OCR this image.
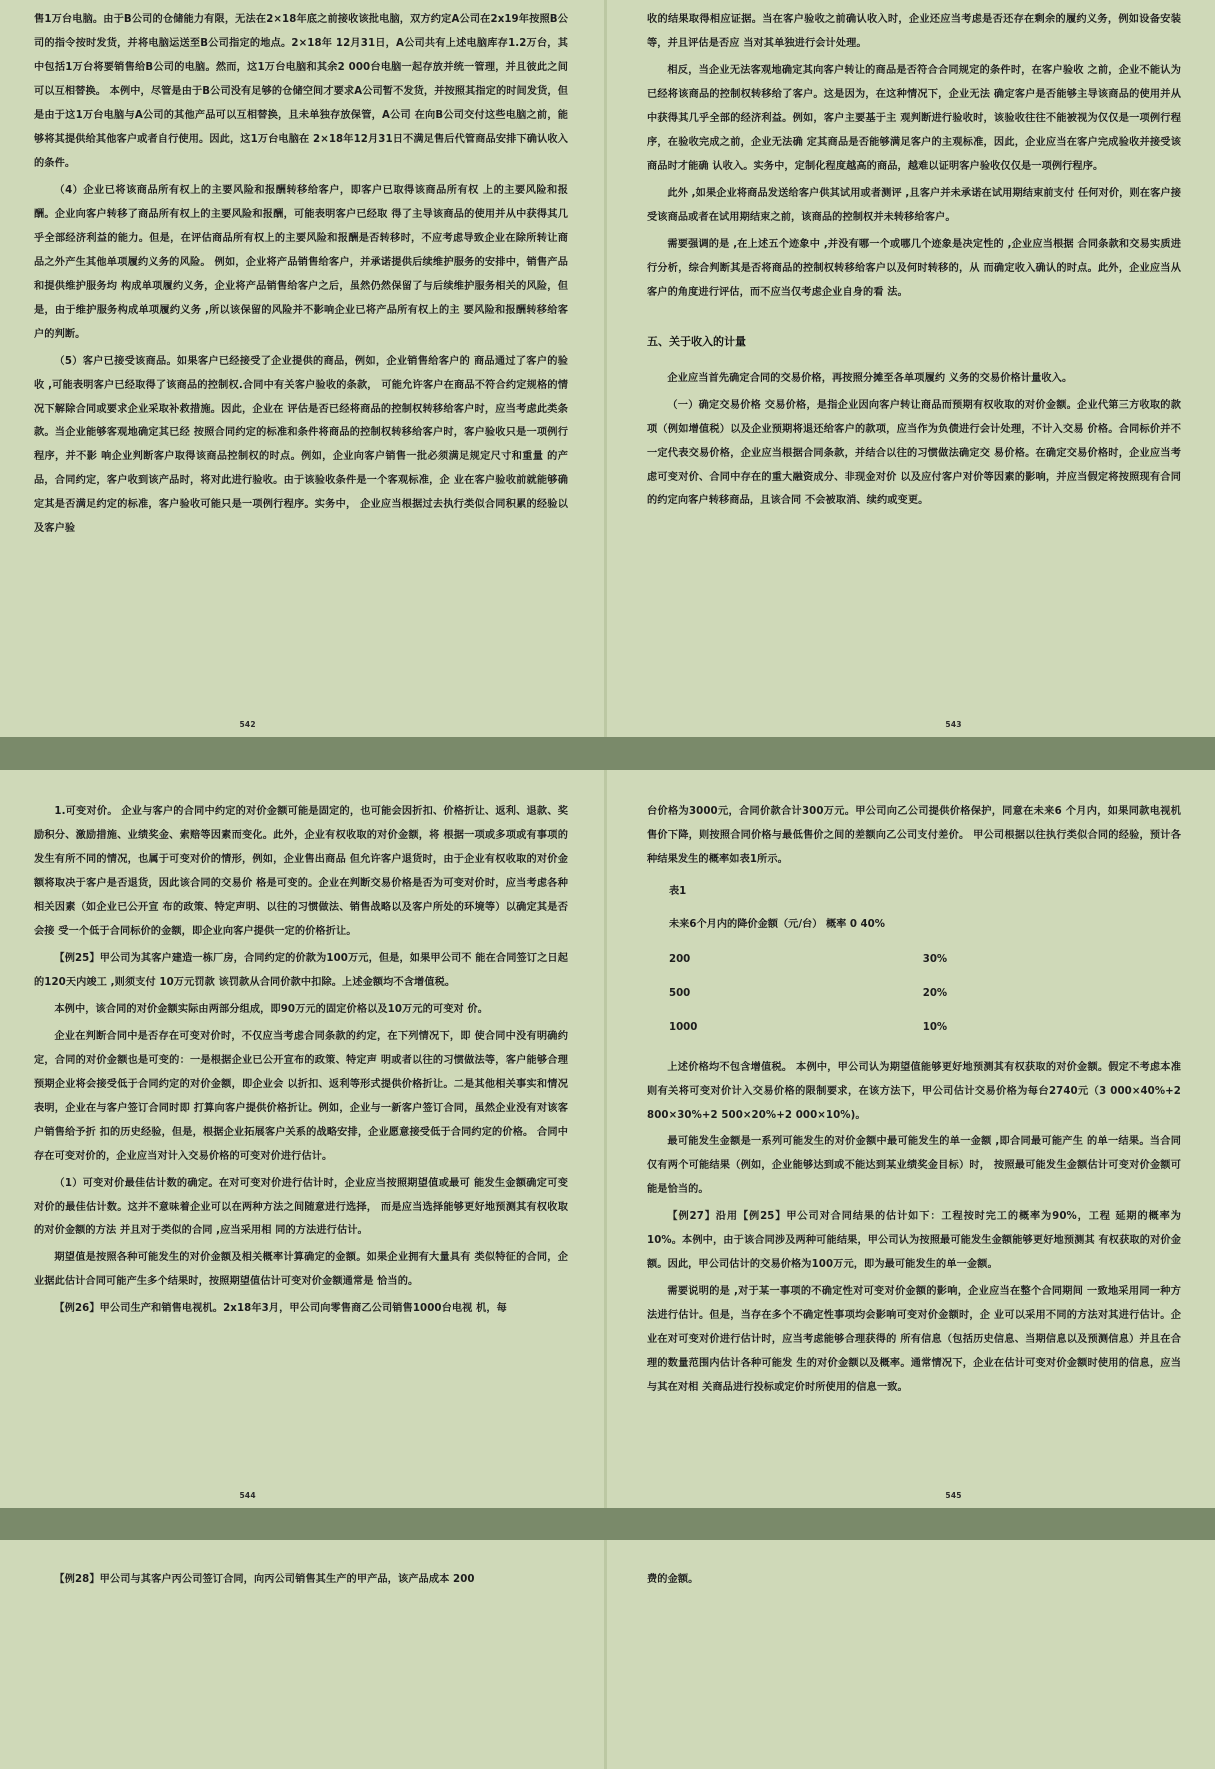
售1万台电脑。由于B公司的仓储能力有限，无法在2×18年底之前接收该批电脑，双方约定A公司在2x19年按照B公司的指令按时发货，并将电脑运送至B公司指定的地点。2×18年 12月31日，A公司共有上述电脑库存1.2万台，其中包括1万台将要销售给B公司的电脑。然而，这1万台电脑和其余2 000台电脑一起存放并统一管理，并且彼此之间可以互相替换。 本例中，尽管是由于B公司没有足够的仓储空间才要求A公司暂不发货，并按照其指定的时间发货，但是由于这1万台电脑与A公司的其他产品可以互相替换，且未单独存放保管，A公司 在向B公司交付这些电脑之前，能够将其提供给其他客户或者自行使用。因此，这1万台电脑在 2×18年12月31日不满足售后代管商品安排下确认收入的条件。

（4）企业已将该商品所有权上的主要风险和报酬转移给客户，即客户已取得该商品所有权 上的主要风险和报酬。企业向客户转移了商品所有权上的主要风险和报酬，可能表明客户已经取 得了主导该商品的使用并从中获得其几乎全部经济利益的能力。但是，在评估商品所有权上的主要风险和报酬是否转移时，不应考虑导致企业在除所转让商品之外产生其他单项履约义务的风险。 例如，企业将产品销售给客户，并承诺提供后续维护服务的安排中，销售产品和提供维护服务均 构成单项履约义务，企业将产品销售给客户之后，虽然仍然保留了与后续维护服务相关的风险，但是，由于维护服务构成单项履约义务 ,所以该保留的风险并不影响企业已将产品所有权上的主 要风险和报酬转移给客户的判断。

（5）客户已接受该商品。如果客户已经接受了企业提供的商品，例如，企业销售给客户的 商品通过了客户的验收 ,可能表明客户已经取得了该商品的控制权.合同中有关客户验收的条款， 可能允许客户在商品不符合约定规格的情况下解除合同或要求企业采取补救措施。因此，企业在 评估是否已经将商品的控制权转移给客户时，应当考虑此类条款。当企业能够客观地确定其已经 按照合同约定的标准和条件将商品的控制权转移给客户时，客户验收只是一项例行程序，并不影 响企业判断客户取得该商品控制权的时点。例如，企业向客户销售一批必须满足规定尺寸和重量 的产品，合同约定，客户收到该产品时，将对此进行验收。由于该验收条件是一个客观标准，企 业在客户验收前就能够确定其是否满足约定的标准，客户验收可能只是一项例行程序。实务中， 企业应当根据过去执行类似合同积累的经验以及客户验

542

收的结果取得相应证据。当在客户验收之前确认收入时，企业还应当考虑是否还存在剩余的履约义务，例如设备安装等，并且评估是否应 当对其单独进行会计处理。

相反，当企业无法客观地确定其向客户转让的商品是否符合合同规定的条件时，在客户验收 之前，企业不能认为已经将该商品的控制权转移给了客户。这是因为，在这种情况下，企业无法 确定客户是否能够主导该商品的使用并从中获得其几乎全部的经济利益。例如，客户主要基于主 观判断进行验收时，该验收往往不能被视为仅仅是一项例行程序，在验收完成之前，企业无法确 定其商品是否能够满足客户的主观标准，因此，企业应当在客户完成验收并接受该商品时才能确 认收入。实务中，定制化程度越高的商品，越难以证明客户验收仅仅是一项例行程序。

此外 ,如果企业将商品发送给客户供其试用或者测评 ,且客户并未承诺在试用期结束前支付 任何对价，则在客户接受该商品或者在试用期结束之前，该商品的控制权并未转移给客户。

需要强调的是 ,在上述五个迹象中 ,并没有哪一个或哪几个迹象是决定性的 ,企业应当根据 合同条款和交易实质进行分析，综合判断其是否将商品的控制权转移给客户以及何时转移的，从 而确定收入确认的时点。此外，企业应当从客户的角度进行评估，而不应当仅考虑企业自身的看 法。

五、关于收入的计量

企业应当首先确定合同的交易价格，再按照分摊至各单项履约 义务的交易价格计量收入。

（一）确定交易价格 交易价格，是指企业因向客户转让商品而预期有权收取的对价金额。企业代第三方收取的款项（例如增值税）以及企业预期将退还给客户的款项，应当作为负债进行会计处理，不计入交易 价格。合同标价并不一定代表交易价格，企业应当根据合同条款，并结合以往的习惯做法确定交 易价格。在确定交易价格时，企业应当考虑可变对价、合同中存在的重大融资成分、非现金对价 以及应付客户对价等因素的影响，并应当假定将按照现有合同的约定向客户转移商品，且该合同 不会被取消、续约或变更。

543

1.可变对价。 企业与客户的合同中约定的对价金额可能是固定的，也可能会因折扣、价格折让、返利、退款、奖励积分、激励措施、业绩奖金、索赔等因素而变化。此外，企业有权收取的对价金额，将 根据一项或多项或有事项的发生有所不同的情况，也属于可变对价的情形，例如，企业售出商品 但允许客户退货时，由于企业有权收取的对价金额将取决于客户是否退货，因此该合同的交易价 格是可变的。企业在判断交易价格是否为可变对价时，应当考虑各种相关因素（如企业已公开宣 布的政策、特定声明、以往的习惯做法、销售战略以及客户所处的环境等）以确定其是否会接 受一个低于合同标价的金额，即企业向客户提供一定的价格折让。

【例25】甲公司为其客户建造一栋厂房，合同约定的价款为100万元，但是，如果甲公司不 能在合同签订之日起的120天内竣工 ,则须支付 10万元罚款 该罚款从合同价款中扣除。上述金额均不含增值税。

本例中，该合同的对价金额实际由两部分组成，即90万元的固定价格以及10万元的可变对 价。

企业在判断合同中是否存在可变对价时，不仅应当考虑合同条款的约定，在下列情况下，即 使合同中没有明确约定，合同的对价金额也是可变的：一是根据企业已公开宣布的政策、特定声 明或者以往的习惯做法等，客户能够合理预期企业将会接受低于合同约定的对价金额，即企业会 以折扣、返利等形式提供价格折让。二是其他相关事实和情况表明，企业在与客户签订合同时即 打算向客户提供价格折让。例如，企业与一新客户签订合同，虽然企业没有对该客户销售给予折 扣的历史经验，但是，根据企业拓展客户关系的战略安排，企业愿意接受低于合同约定的价格。 合同中存在可变对价的，企业应当对计入交易价格的可变对价进行估计。

（1）可变对价最佳估计数的确定。在对可变对价进行估计时，企业应当按照期望值或最可 能发生金额确定可变对价的最佳估计数。这并不意味着企业可以在两种方法之间随意进行选择， 而是应当选择能够更好地预测其有权收取的对价金额的方法 并且对于类似的合同 ,应当采用相 同的方法进行估计。

期望值是按照各种可能发生的对价金额及相关概率计算确定的金额。如果企业拥有大量具有 类似特征的合同，企业据此估计合同可能产生多个结果时，按照期望值估计可变对价金额通常是 恰当的。

【例26】甲公司生产和销售电视机。2x18年3月，甲公司向零售商乙公司销售1000台电视 机，每

544

台价格为3000元，合同价款合计300万元。甲公司向乙公司提供价格保护，同意在未来6 个月内，如果同款电视机售价下降，则按照合同价格与最低售价之间的差额向乙公司支付差价。 甲公司根据以往执行类似合同的经验，预计各种结果发生的概率如表1所示。

表1
未来6个月内的降价金额（元/台） 概率 0 40%	
200	30%
500	20%
1000	10%

上述价格均不包含增值税。 本例中，甲公司认为期望值能够更好地预测其有权获取的对价金额。假定不考虑本准则有关将可变对价计入交易价格的限制要求，在该方法下，甲公司估计交易价格为每台2740元（3 000×40%+2 800×30%+2 500×20%+2 000×10%)。

最可能发生金额是一系列可能发生的对价金额中最可能发生的单一金额 ,即合同最可能产生 的单一结果。当合同仅有两个可能结果（例如，企业能够达到或不能达到某业绩奖金目标）时， 按照最可能发生金额估计可变对价金额可能是恰当的。

【例27】沿用【例25】甲公司对合同结果的估计如下：工程按时完工的概率为90%，工程 延期的概率为 10%。本例中，由于该合同涉及两种可能结果，甲公司认为按照最可能发生金额能够更好地预测其 有权获取的对价金额。因此，甲公司估计的交易价格为100万元，即为最可能发生的单一金额。

需要说明的是 ,对于某一事项的不确定性对可变对价金额的影响，企业应当在整个合同期间 一致地采用同一种方法进行估计。但是，当存在多个不确定性事项均会影响可变对价金额时，企 业可以采用不同的方法对其进行估计。企业在对可变对价进行估计时，应当考虑能够合理获得的 所有信息（包括历史信息、当期信息以及预测信息）并且在合理的数量范围内估计各种可能发 生的对价金额以及概率。通常情况下，企业在估计可变对价金额时使用的信息，应当与其在对相 关商品进行投标或定价时所使用的信息一致。

545

【例28】甲公司与其客户丙公司签订合同，向丙公司销售其生产的甲产品，该产品成本 200	费的金额。
